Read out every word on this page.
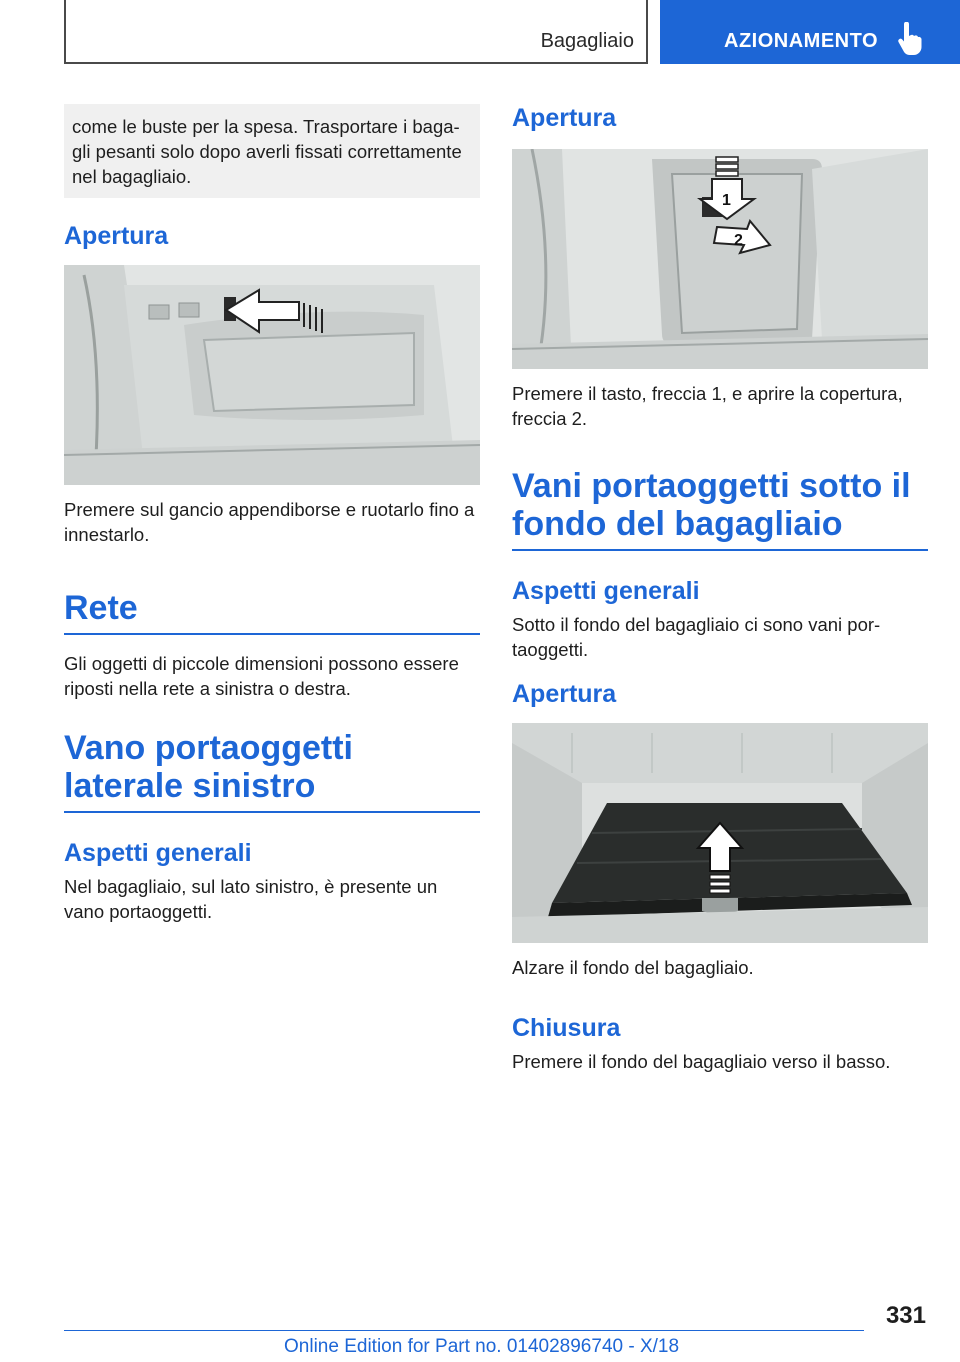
Bagagliaio	AZIONAMENTO

come le buste per la spesa. Trasportare i bagagli pesanti solo dopo averli fissati correttamente nel bagagliaio.

Apertura

Premere sul gancio appendiborse e ruotarlo fino a innestarlo.

Rete

Gli oggetti di piccole dimensioni possono essere riposti nella rete a sinistra o destra.

Vano portaoggetti laterale sinistro
Aspetti generali

Nel bagagliaio, sul lato sinistro, è presente un vano portaoggetti.

Apertura
1
2

Premere il tasto, freccia 1, e aprire la copertura, freccia 2.

Vani portaoggetti sotto il fondo del bagagliaio
Aspetti generali

Sotto il fondo del bagagliaio ci sono vani portaoggetti.

Apertura

Alzare il fondo del bagagliaio.

Chiusura

Premere il fondo del bagagliaio verso il basso.

331
Online Edition for Part no. 01402896740 - X/18
